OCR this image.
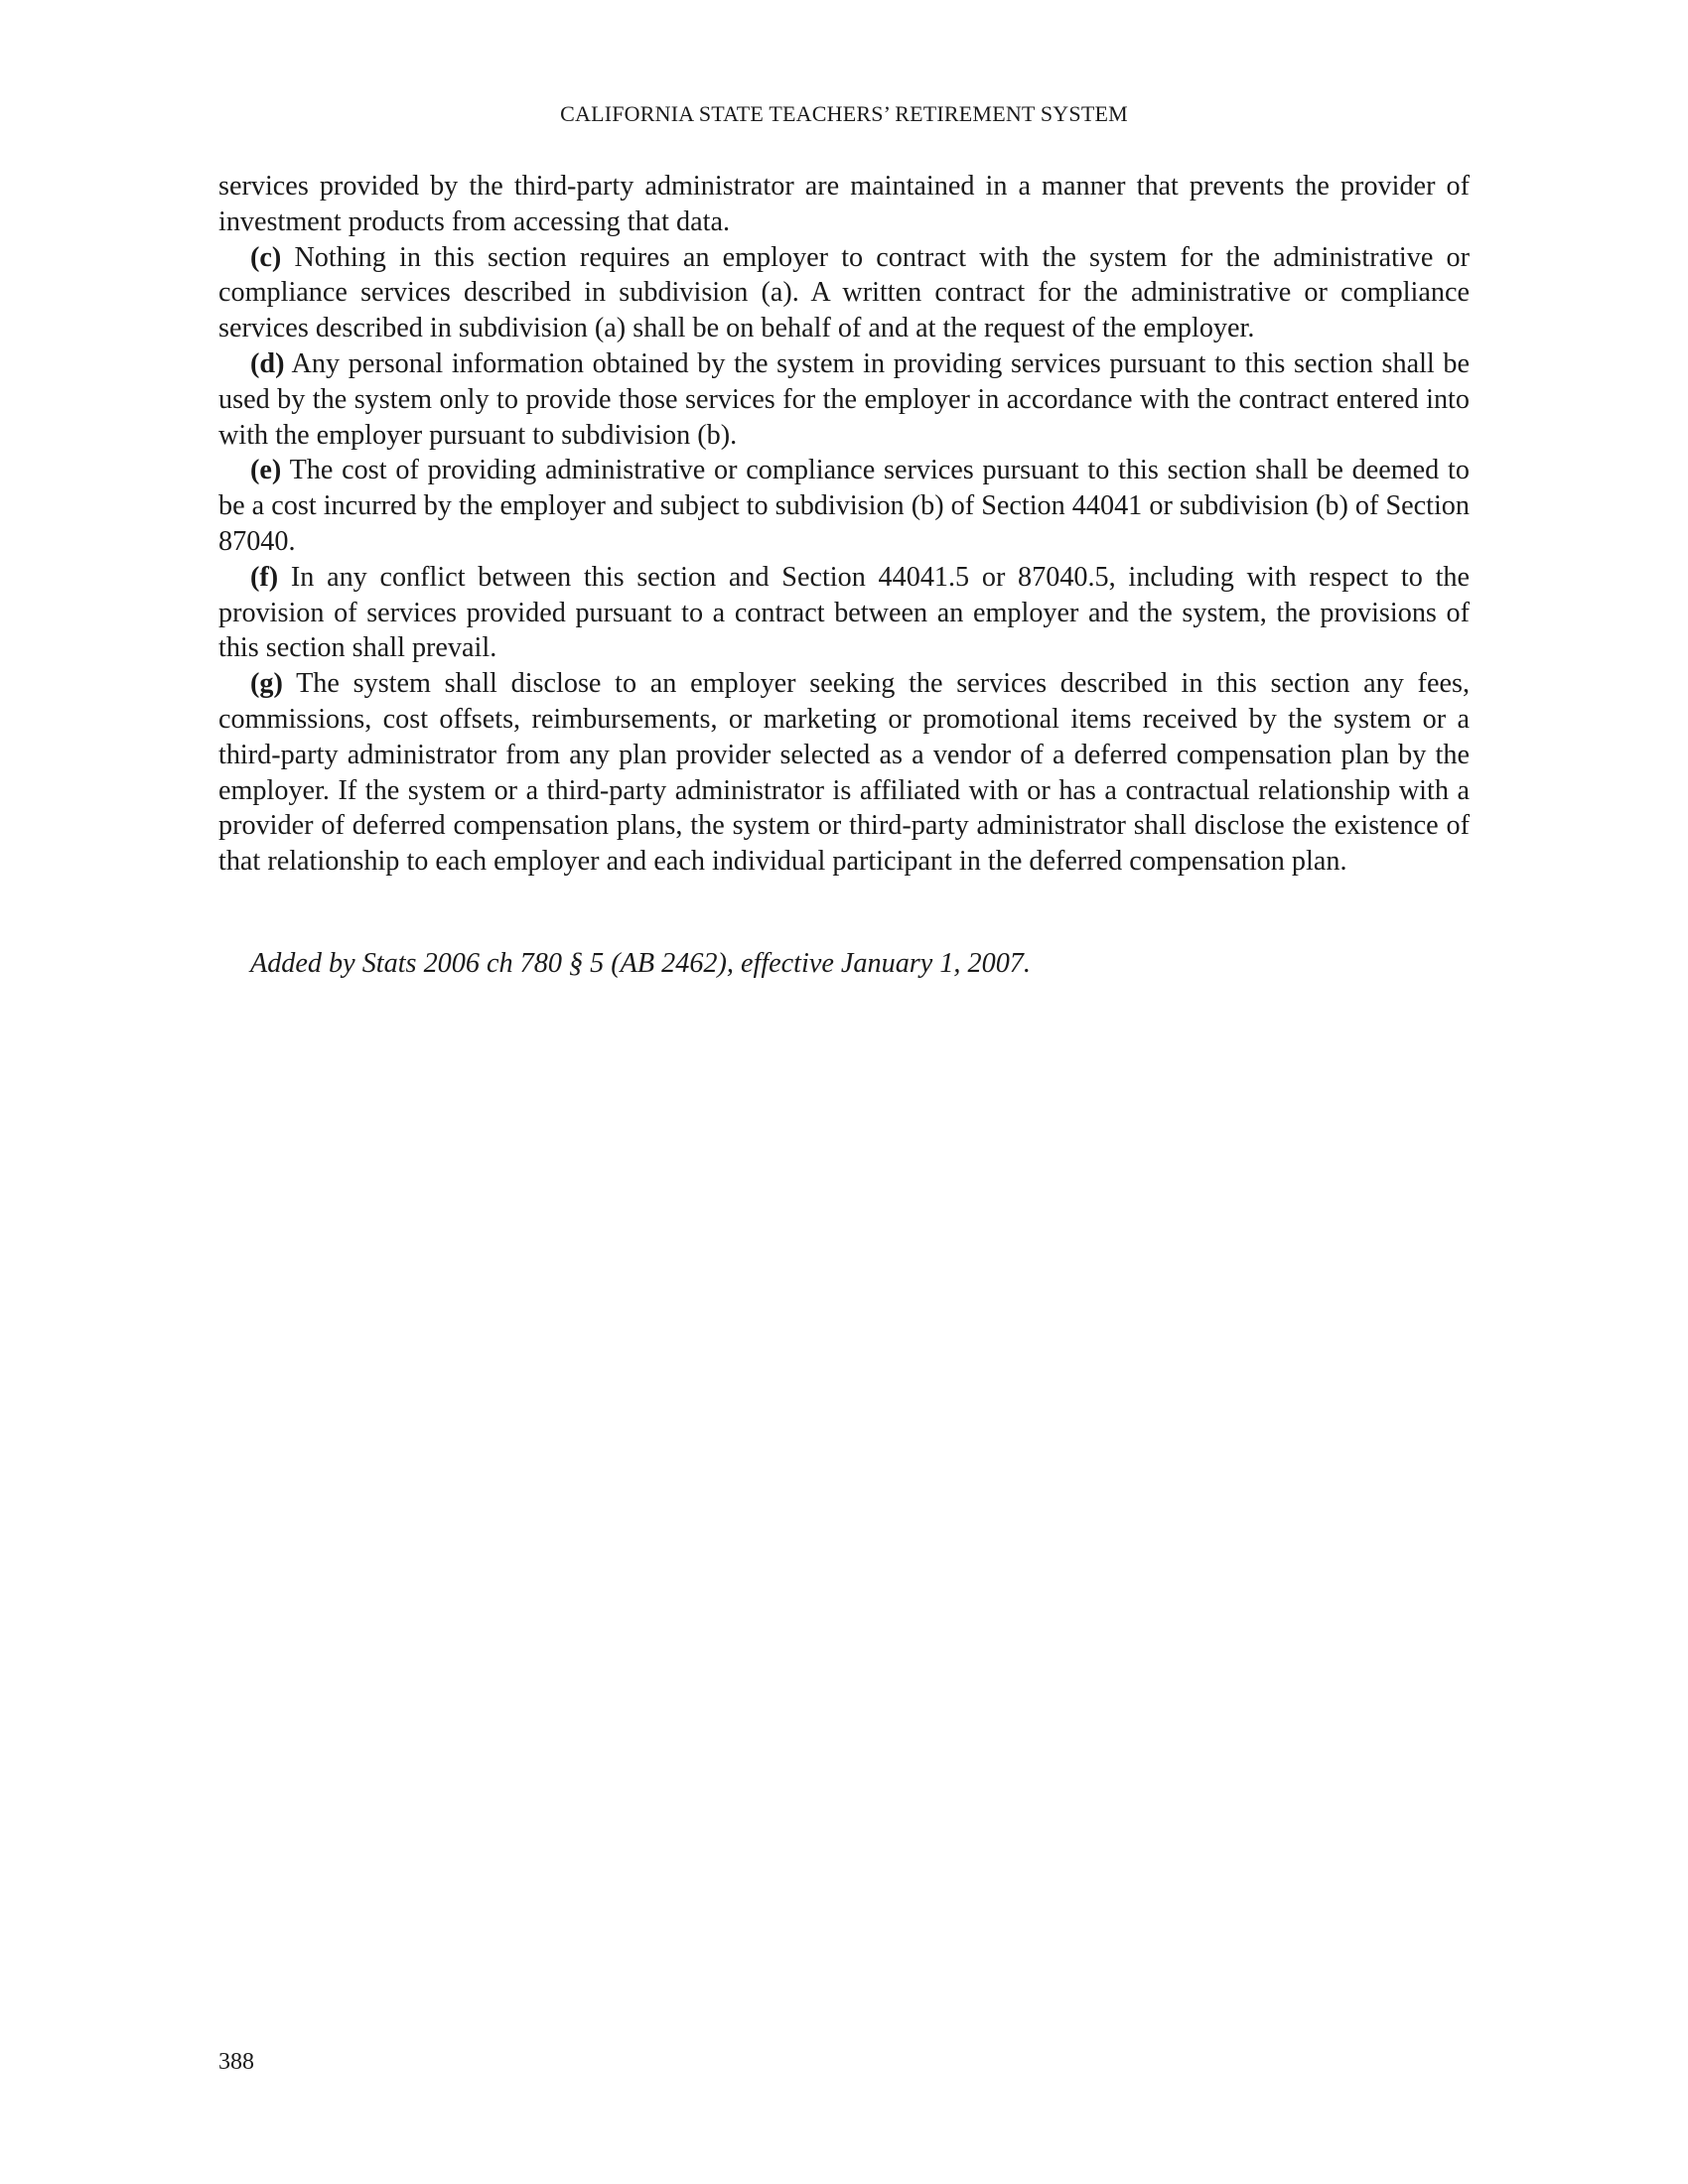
CALIFORNIA STATE TEACHERS’ RETIREMENT SYSTEM

services provided by the third-party administrator are maintained in a manner that prevents the provider of investment products from accessing that data.

(c) Nothing in this section requires an employer to contract with the system for the administrative or compliance services described in subdivision (a). A written contract for the administrative or compliance services described in subdivision (a) shall be on behalf of and at the request of the employer.

(d) Any personal information obtained by the system in providing services pursuant to this section shall be used by the system only to provide those services for the employer in accordance with the contract entered into with the employer pursuant to subdivision (b).

(e) The cost of providing administrative or compliance services pursuant to this section shall be deemed to be a cost incurred by the employer and subject to subdivision (b) of Section 44041 or subdivision (b) of Section 87040.

(f) In any conflict between this section and Section 44041.5 or 87040.5, including with respect to the provision of services provided pursuant to a contract between an employer and the system, the provisions of this section shall prevail.

(g) The system shall disclose to an employer seeking the services described in this section any fees, commissions, cost offsets, reimbursements, or marketing or promotional items received by the system or a third-party administrator from any plan provider selected as a vendor of a deferred compensation plan by the employer. If the system or a third-party administrator is affiliated with or has a contractual relationship with a provider of deferred compensation plans, the system or third-party administrator shall disclose the existence of that relationship to each employer and each individual participant in the deferred compensation plan.

Added by Stats 2006 ch 780 § 5 (AB 2462), effective January 1, 2007.
388
